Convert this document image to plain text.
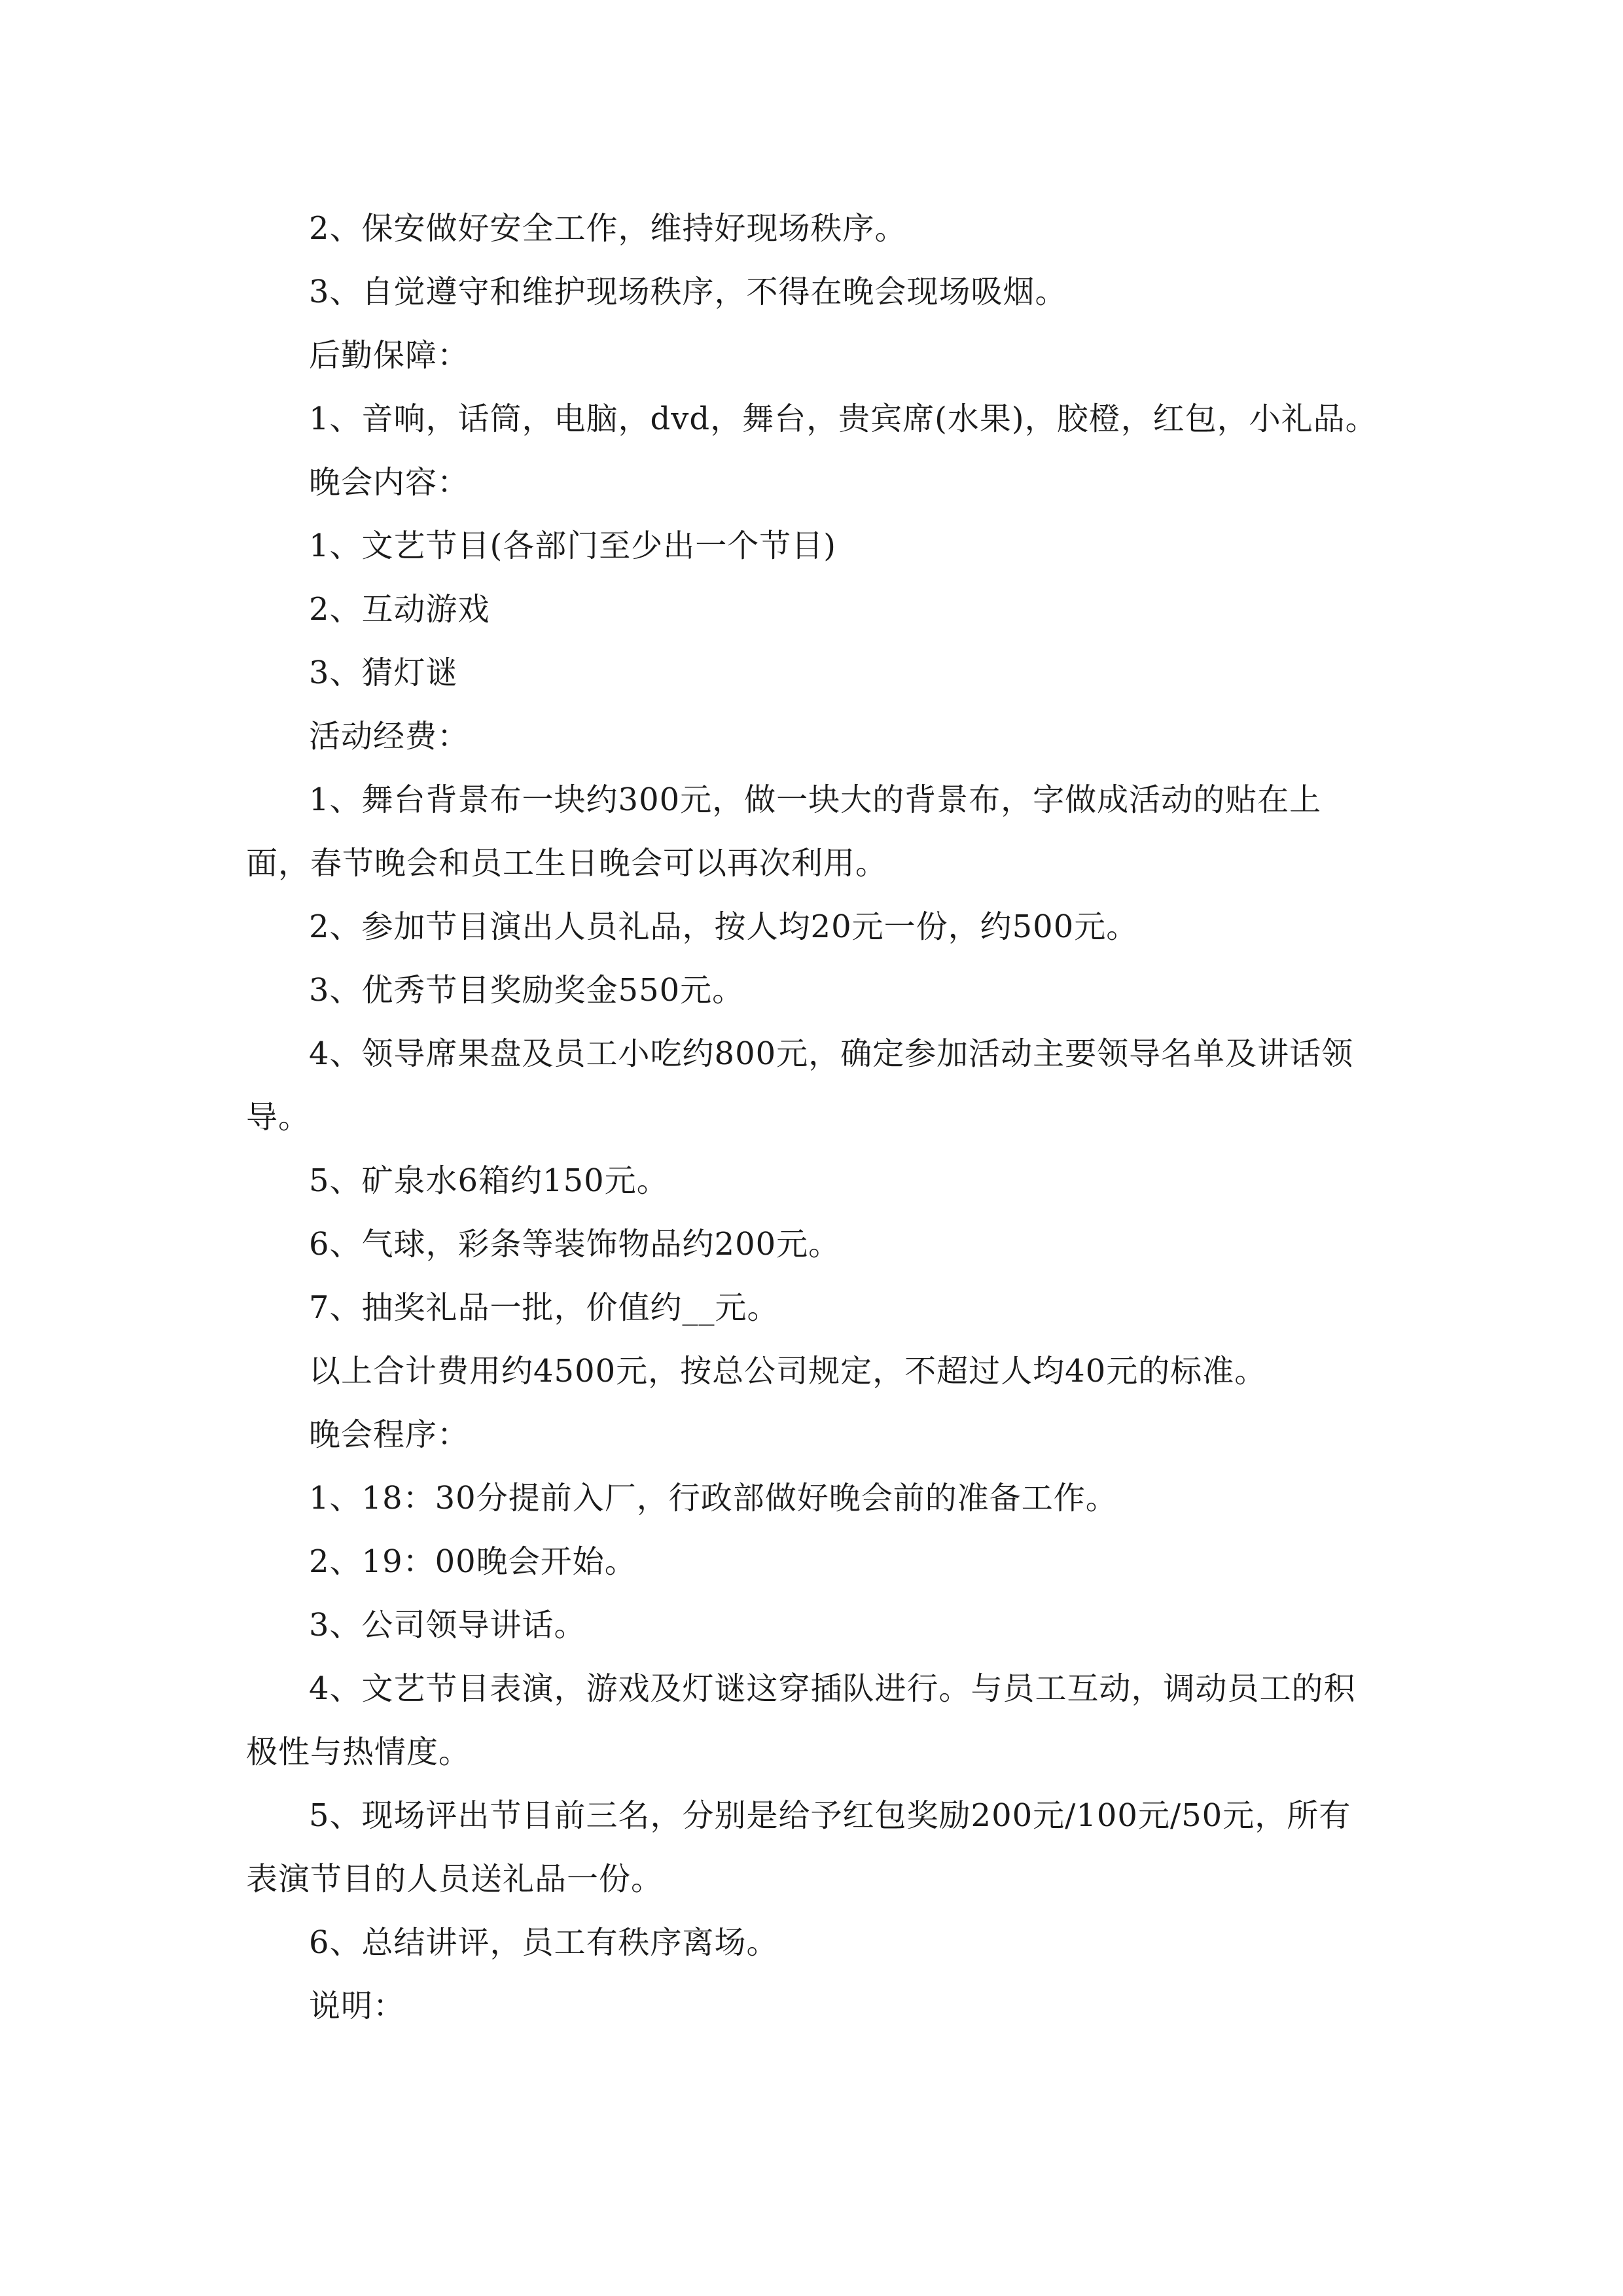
2、保安做好安全工作，维持好现场秩序。

3、自觉遵守和维护现场秩序，不得在晚会现场吸烟。

后勤保障：

1、音响，话筒，电脑，dvd，舞台，贵宾席(水果)，胶橙，红包，小礼品。

晚会内容：

1、文艺节目(各部门至少出一个节目)

2、互动游戏

3、猜灯谜

活动经费：

1、舞台背景布一块约300元，做一块大的背景布，字做成活动的贴在上面，春节晚会和员工生日晚会可以再次利用。

2、参加节目演出人员礼品，按人均20元一份，约500元。

3、优秀节目奖励奖金550元。

4、领导席果盘及员工小吃约800元，确定参加活动主要领导名单及讲话领导。

5、矿泉水6箱约150元。

6、气球，彩条等装饰物品约200元。

7、抽奖礼品一批，价值约__元。

以上合计费用约4500元，按总公司规定，不超过人均40元的标准。

晚会程序：

1、18：30分提前入厂，行政部做好晚会前的准备工作。

2、19：00晚会开始。

3、公司领导讲话。

4、文艺节目表演，游戏及灯谜这穿插队进行。与员工互动，调动员工的积极性与热情度。

5、现场评出节目前三名，分别是给予红包奖励200元/100元/50元，所有表演节目的人员送礼品一份。

6、总结讲评，员工有秩序离场。

说明：
